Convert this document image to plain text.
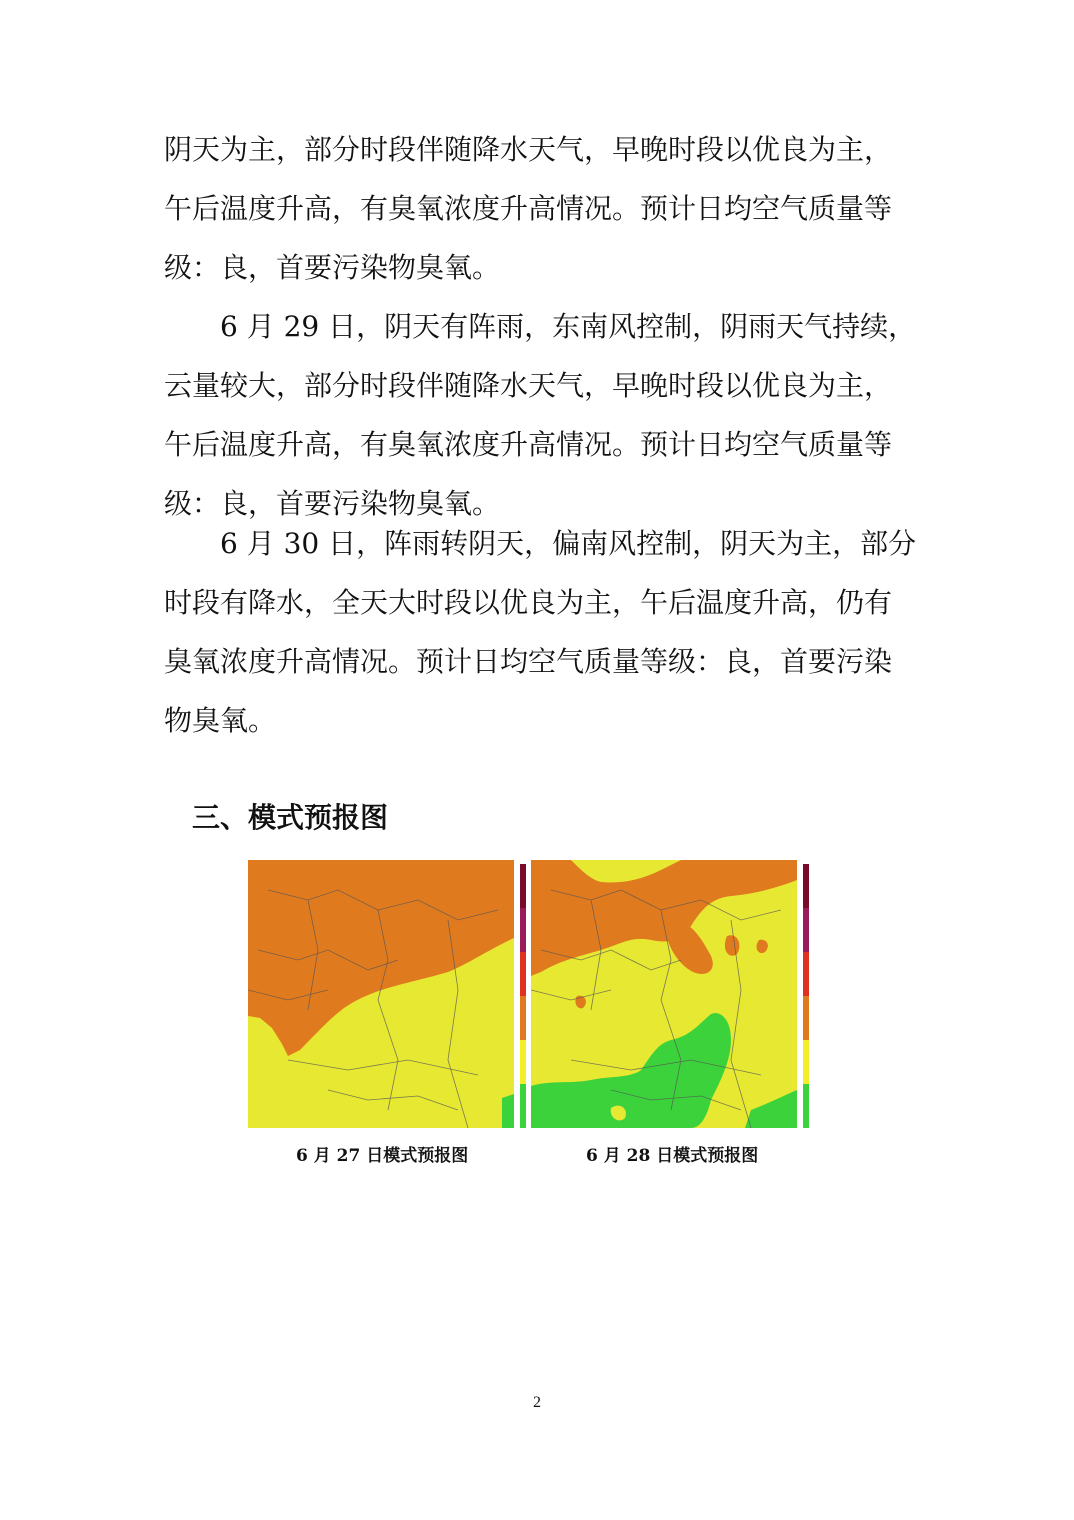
阴天为主，部分时段伴随降水天气，早晚时段以优良为主，
午后温度升高，有臭氧浓度升高情况。预计日均空气质量等
级：良，首要污染物臭氧。
6 月 29 日，阴天有阵雨，东南风控制，阴雨天气持续，
云量较大，部分时段伴随降水天气，早晚时段以优良为主，
午后温度升高，有臭氧浓度升高情况。预计日均空气质量等
级：良，首要污染物臭氧。
6 月 30 日，阵雨转阴天，偏南风控制，阴天为主，部分
时段有降水，全天大时段以优良为主，午后温度升高，仍有
臭氧浓度升高情况。预计日均空气质量等级：良，首要污染
物臭氧。
三、模式预报图
6 月 27 日模式预报图	6 月 28 日模式预报图
2
